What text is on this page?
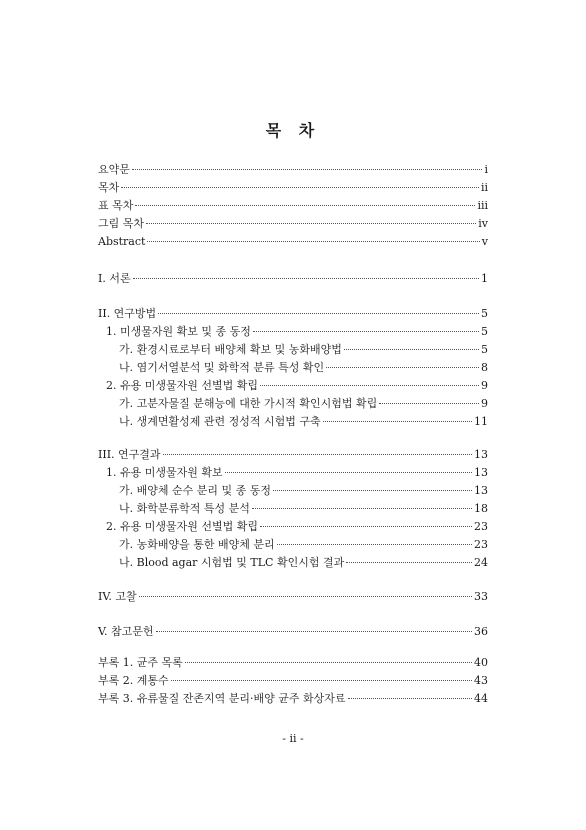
목 차
요약문	i
목차	ii
표 목차	iii
그림 목차	iv
Abstract	v
I. 서론	1
II. 연구방법	5
1. 미생물자원 확보 및 종 동정	5
가. 환경시료로부터 배양체 확보 및 농화배양법	5
나. 염기서열분석 및 화학적 분류 특성 확인	8
2. 유용 미생물자원 선별법 확립	9
가. 고분자물질 분해능에 대한 가시적 확인시험법 확립	9
나. 생계면활성제 관련 정성적 시험법 구축	11
III. 연구결과	13
1. 유용 미생물자원 확보	13
가. 배양체 순수 분리 및 종 동정	13
나. 화학분류학적 특성 분석	18
2. 유용 미생물자원 선별법 확립	23
가. 농화배양을 통한 배양체 분리	23
나. Blood agar 시험법 및 TLC 확인시험 결과	24
IV. 고찰	33
V. 참고문헌	36
부록 1. 균주 목록	40
부록 2. 계통수	43
부록 3. 유류물질 잔존지역 분리·배양 균주 화상자료	44
- ii -
